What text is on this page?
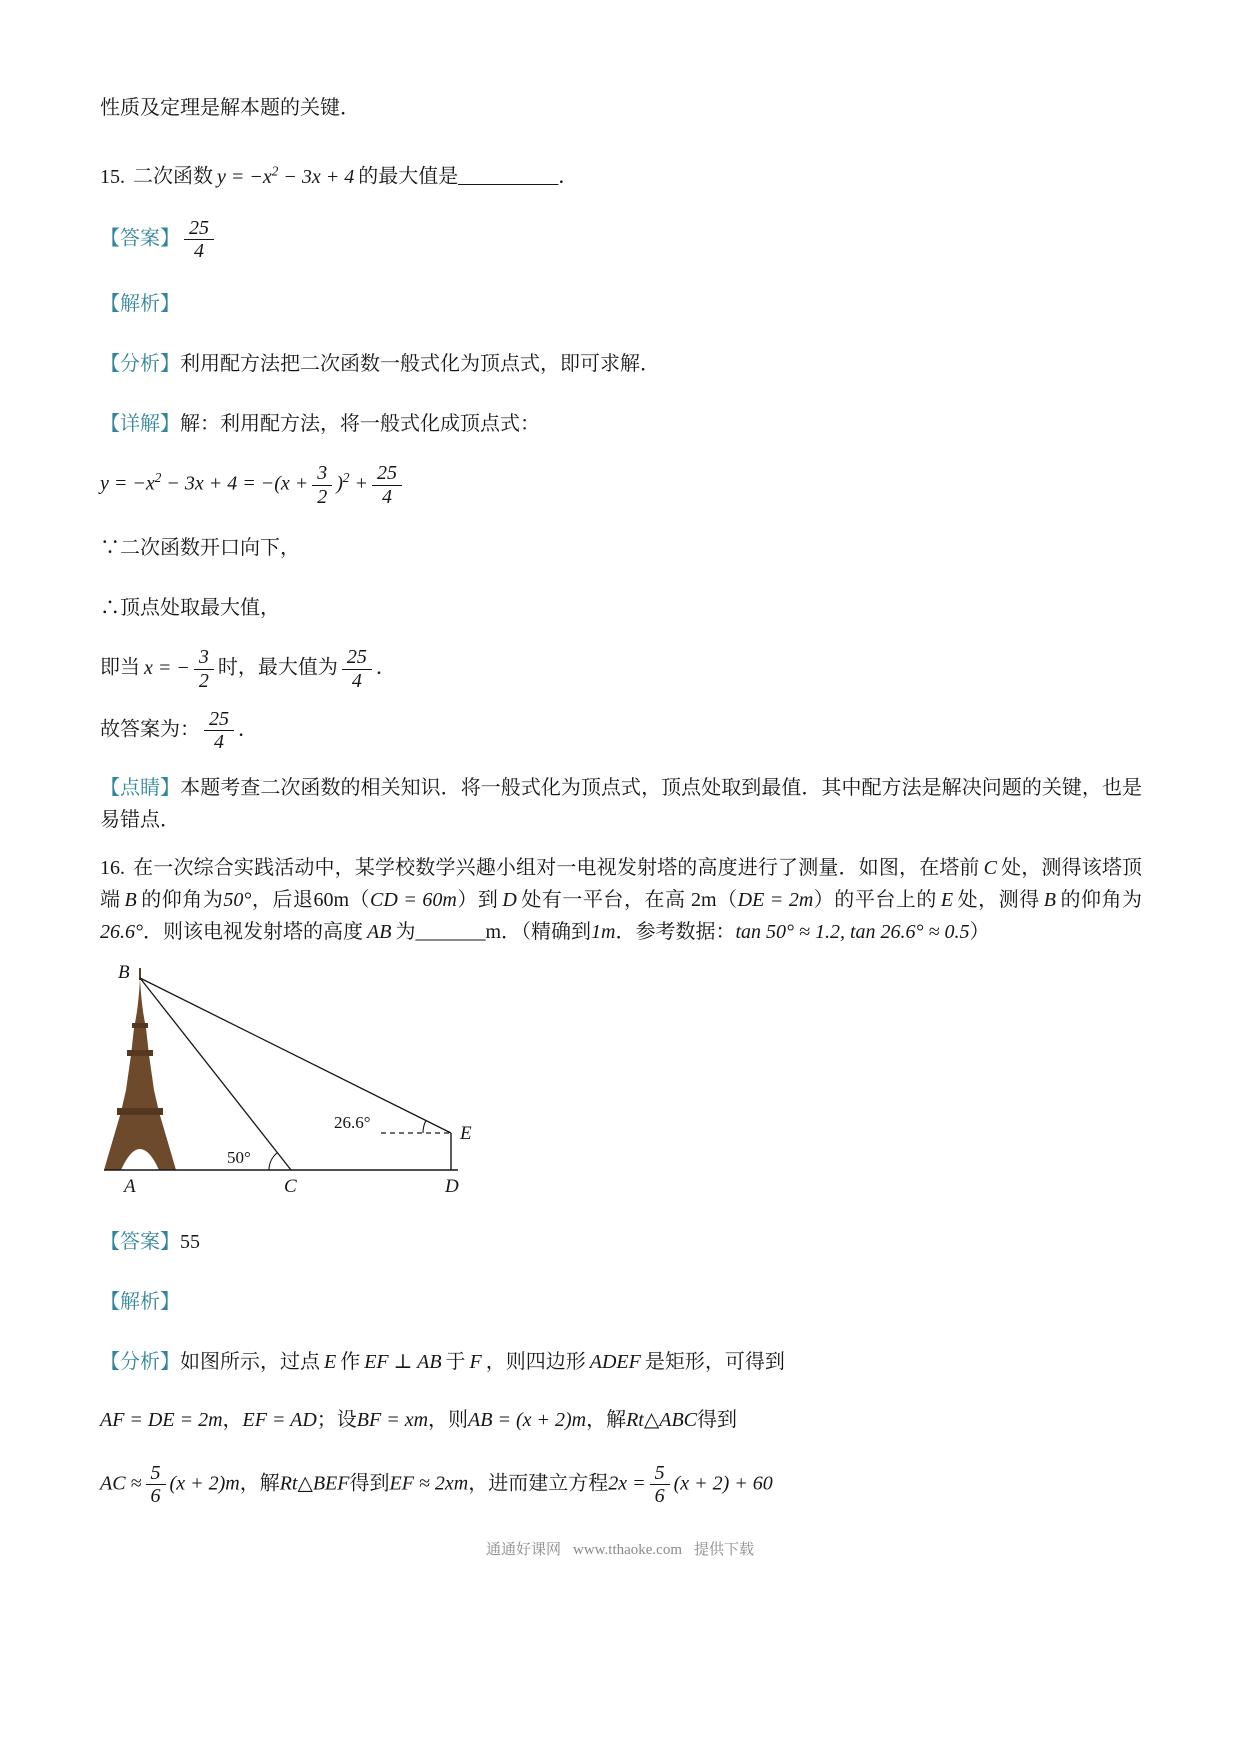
性质及定理是解本题的关键．

15. 二次函数 $y = -x^2 - 3x + 4$ 的最大值是__________．

【答案】 $\frac{25}{4}$

【解析】

【分析】利用配方法把二次函数一般式化为顶点式，即可求解．

【详解】解：利用配方法，将一般式化成顶点式：

$y = -x^2 - 3x + 4 = -(x + \frac{3}{2} )^2 + \frac{25}{4}$

∵二次函数开口向下，

∴顶点处取最大值，

即当 x = − $\frac{3}{2}$ 时，最大值为 $\frac{25}{4}$ ．

故答案为： $\frac{25}{4}$ ．

【点睛】本题考查二次函数的相关知识．将一般式化为顶点式，顶点处取到最值．其中配方法是解决问题的关键，也是易错点．

16. 在一次综合实践活动中，某学校数学兴趣小组对一电视发射塔的高度进行了测量．如图，在塔前 C 处，测得该塔顶端 B 的仰角为50°，后退60m（CD = 60m）到 D 处有一平台，在高 2m（DE = 2m）的平台上的 E 处，测得 B 的仰角为26.6°．则该电视发射塔的高度 AB 为_______m．（精确到1m．参考数据：tan 50° ≈ 1.2, tan 26.6° ≈ 0.5）

B
A	C	D
E
50°
26.6°

【答案】55

【解析】

【分析】如图所示，过点 E 作 EF ⊥ AB 于 F ，则四边形 ADEF 是矩形，可得到

AF = DE = 2m，EF = AD；设BF = xm，则AB = (x + 2)m，解Rt△ABC得到

AC ≈ $\frac{5}{6} (x + 2)m$，解Rt△BEF得到EF ≈ 2xm，进而建立方程$2x = \frac{5}{6} (x + 2) + 60$

通通好课网 www.tthaoke.com 提供下载
